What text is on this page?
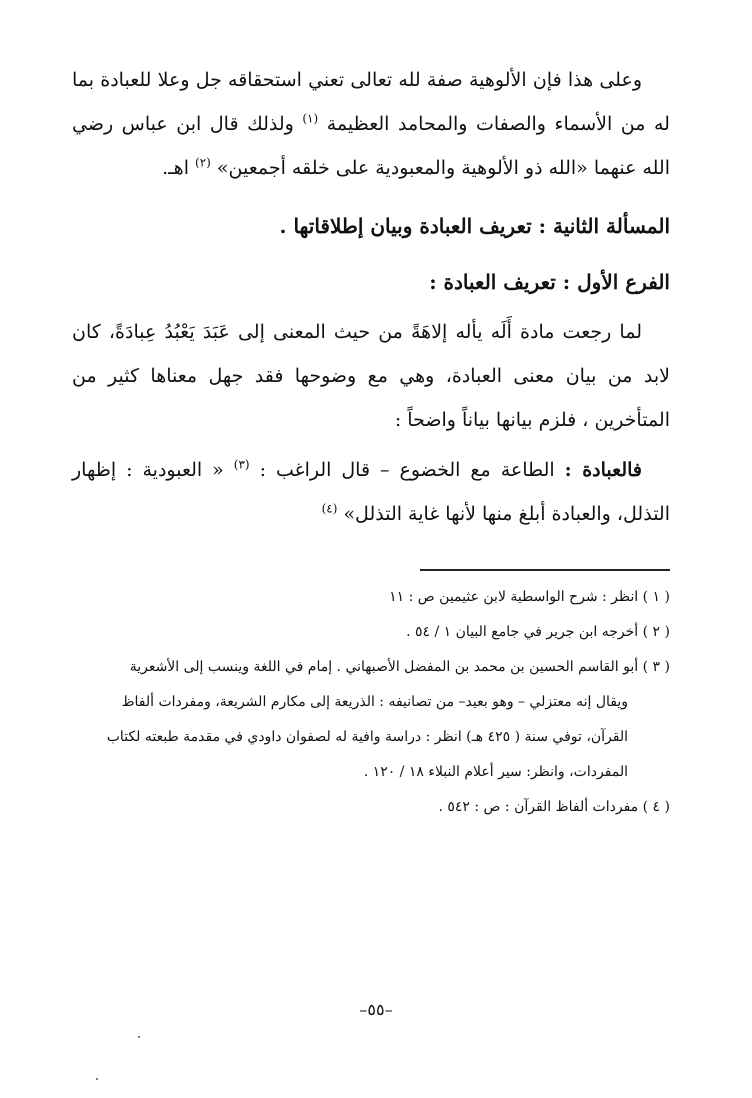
وعلى هذا فإن الألوهية صفة لله تعالى تعني استحقاقه جل وعلا للعبادة بما له من الأسماء والصفات والمحامد العظيمة $^{(١)}$ ولذلك قال ابن عباس رضي الله عنهما «الله ذو الألوهية والمعبودية على خلقه أجمعين» $^{(٢)}$ اهـ.

المسألة الثانية : تعريف العبادة وبيان إطلاقاتها .

الفرع الأول : تعريف العبادة :

لما رجعت مادة أَلَه يأله إلاهَةً من حيث المعنى إلى عَبَدَ يَعْبُدُ عِبادَةً، كان لابد من بيان معنى العبادة، وهي مع وضوحها فقد جهل معناها كثير من المتأخرين ، فلزم بيانها بياناً واضحاً :

فالعبادة : الطاعة مع الخضوع – قال الراغب : $^{(٣)}$ « العبودية : إظهار التذلل، والعبادة أبلغ منها لأنها غاية التذلل» $^{(٤)}$

( ١ ) انظر : شرح الواسطية لابن عثيمين ص : ١١

( ٢ ) أخرجه ابن جرير في جامع البيان ١ / ٥٤ .

( ٣ ) أبو القاسم الحسين بن محمد بن المفضل الأصبهاني . إمام في اللغة وينسب إلى الأشعرية

ويقال إنه معتزلي – وهو بعيد– من تصانيفه : الذريعة إلى مكارم الشريعة، ومفردات ألفاظ

القرآن، توفي سنة ( ٤٢٥ هـ) انظر : دراسة وافية له لصفوان داودي في مقدمة طبعته لكتاب

المفردات، وانظر: سير أعلام النبلاء ١٨ / ١٢٠ .

( ٤ ) مفردات ألفاظ القرآن : ص : ٥٤٢ .

–٥٥–
